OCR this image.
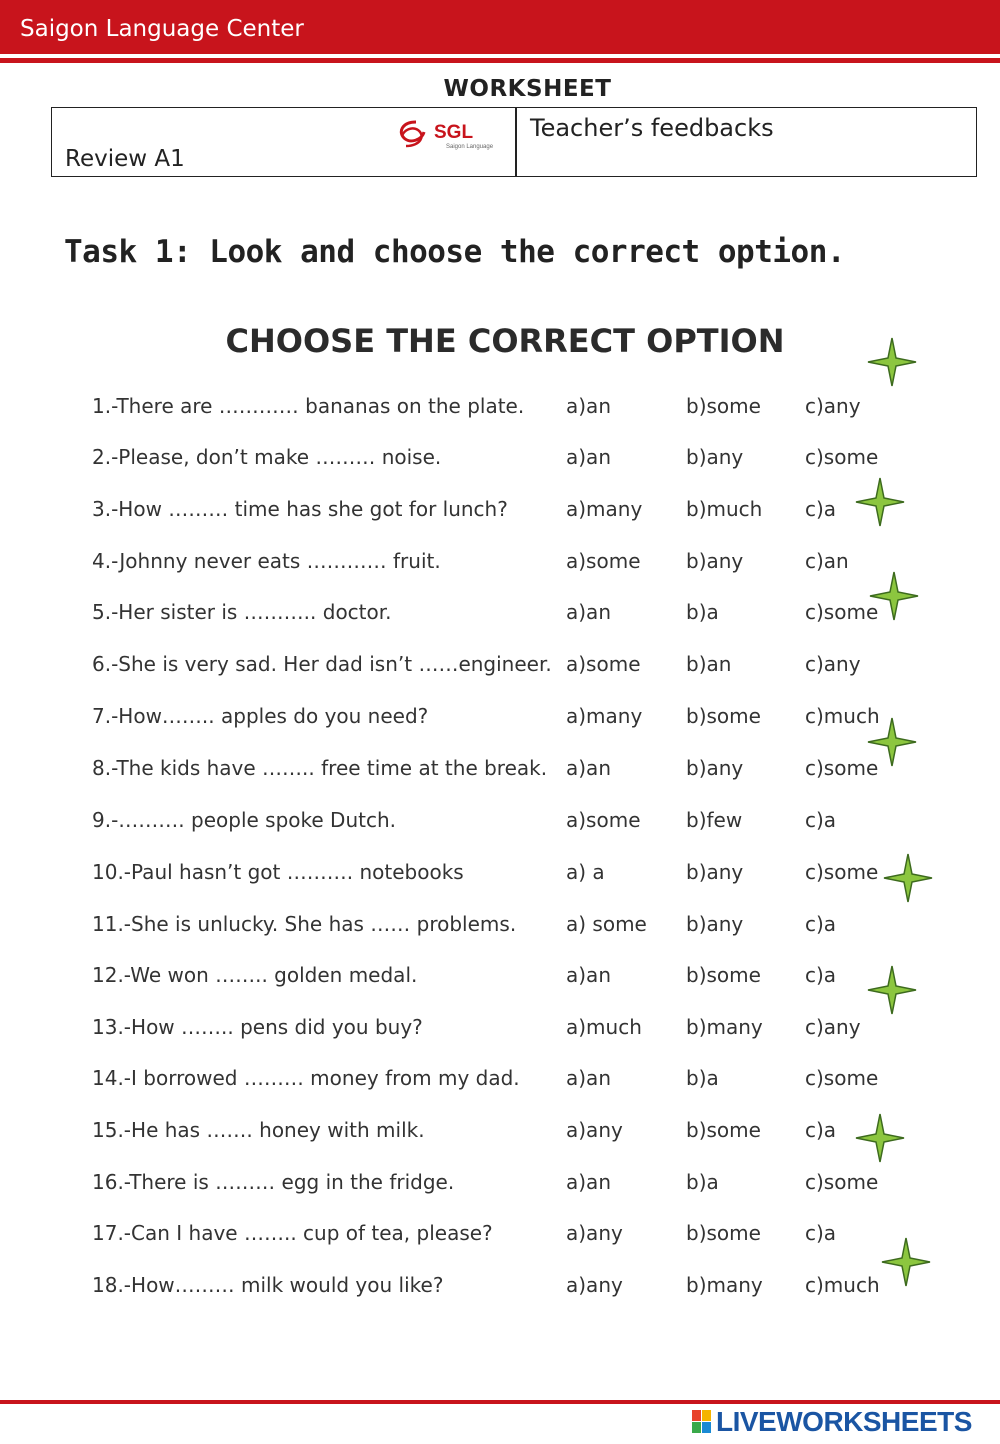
Saigon Language Center
WORKSHEET
Review A1
SGL
Saigon Language
Teacher’s feedbacks
Task 1: Look and choose the correct option.
CHOOSE THE CORRECT OPTION
1.-There are ………… bananas on the plate. a)an	b)some c)any
2.-Please, don’t make ……… noise.	a)an	b)any	c)some
3.-How ……… time has she got for lunch?	a)many b)much c)a
4.-Johnny never eats ………… fruit.	a)some b)any	c)an
5.-Her sister is ……….. doctor.	a)an	b)a	c)some
6.-She is very sad. Her dad isn’t ……engineer. a)some b)an	c)any
7.-How…….. apples do you need?	a)many b)some c)much
8.-The kids have …….. free time at the break. a)an	b)any	c)some
9.-………. people spoke Dutch.	a)some b)few	c)a
10.-Paul hasn’t got ………. notebooks	a) a	b)any	c)some
11.-She is unlucky. She has …… problems. a) some b)any	c)a
12.-We won …….. golden medal.	a)an	b)some c)a
13.-How …….. pens did you buy?	a)much b)many c)any
14.-I borrowed ……… money from my dad. a)an	b)a	c)some
15.-He has ……. honey with milk.	a)any	b)some c)a
16.-There is ……… egg in the fridge.	a)an	b)a	c)some
17.-Can I have …….. cup of tea, please?	a)any	b)some c)a
18.-How……… milk would you like?	a)any	b)many c)much
LIVEWORKSHEETS
